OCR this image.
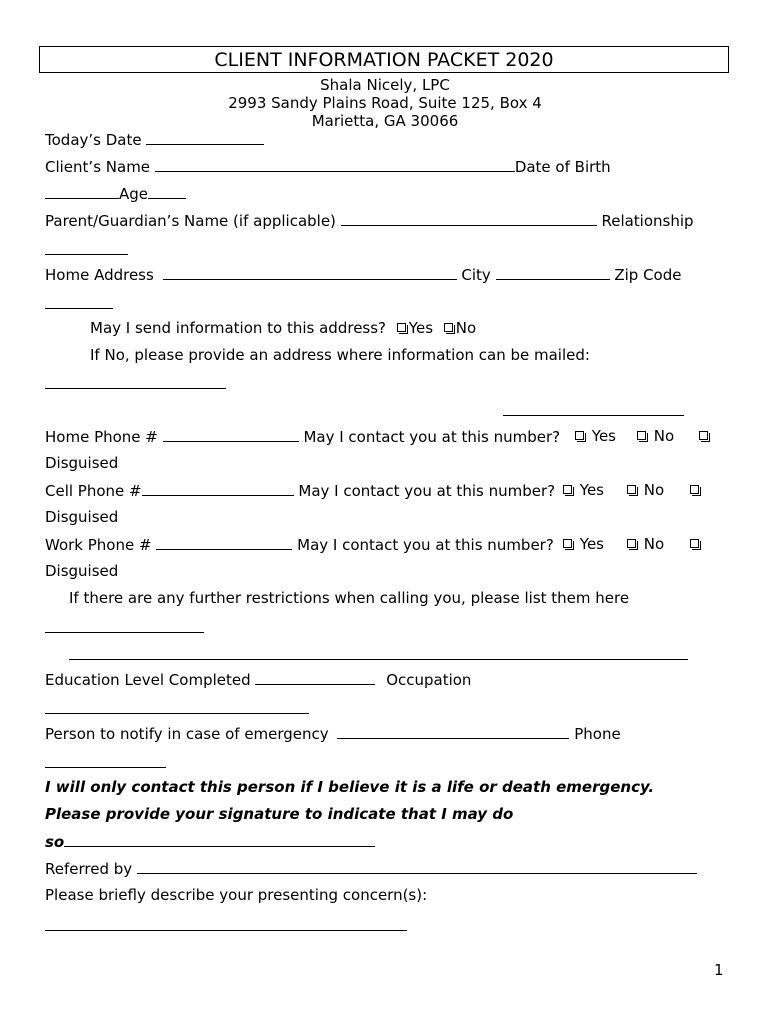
CLIENT INFORMATION PACKET 2020
Shala Nicely, LPC
2993 Sandy Plains Road, Suite 125, Box 4
Marietta, GA 30066
Today’s Date
Client’s Name	Date of Birth
Age
Parent/Guardian’s Name (if applicable)	Relationship
Home Address	City	Zip Code
May I send information to this address? Yes No
If No, please provide an address where information can be mailed:
Home Phone #	May I contact you at this number?	Yes	No
Disguised
Cell Phone #	May I contact you at this number?	Yes	No
Disguised
Work Phone #	May I contact you at this number?	Yes	No
Disguised
If there are any further restrictions when calling you, please list them here
Education Level Completed	Occupation
Person to notify in case of emergency	Phone
I will only contact this person if I believe it is a life or death emergency.
Please provide your signature to indicate that I may do
so
Referred by
Please briefly describe your presenting concern(s):
1
